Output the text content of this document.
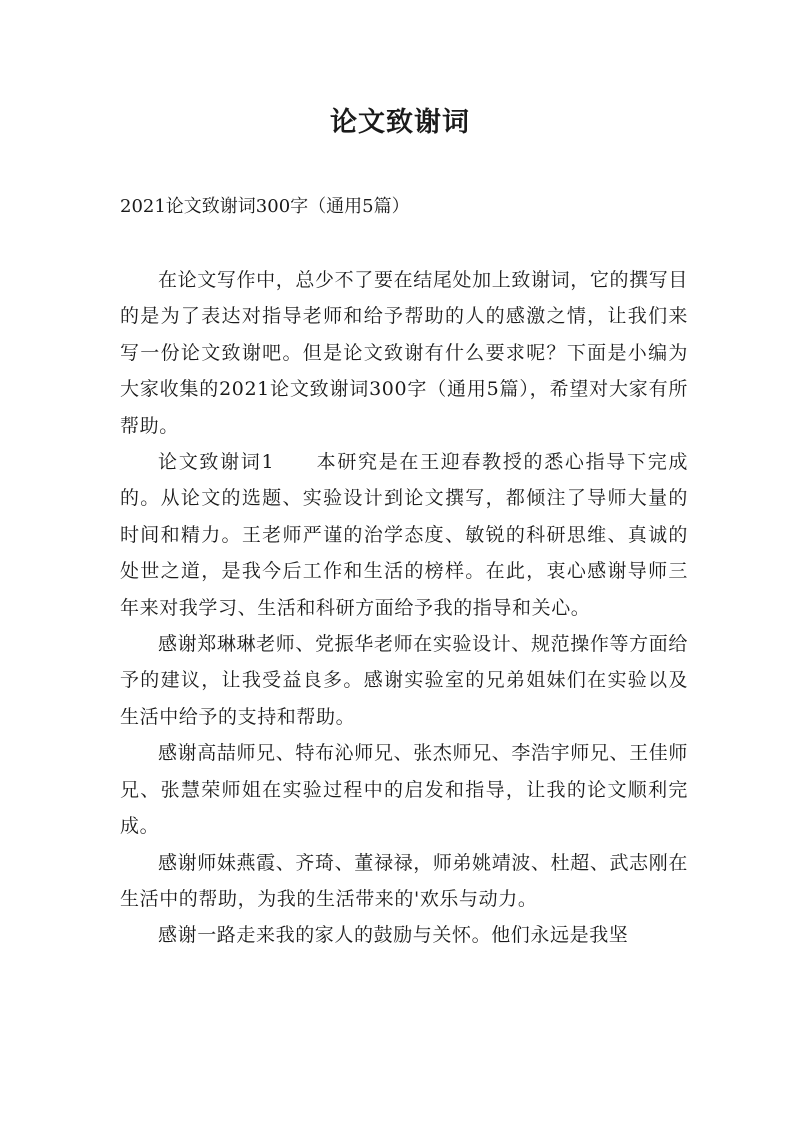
论文致谢词

2021论文致谢词300字（通用5篇）

在论文写作中，总少不了要在结尾处加上致谢词，它的撰写目的是为了表达对指导老师和给予帮助的人的感激之情，让我们来写一份论文致谢吧。但是论文致谢有什么要求呢？下面是小编为大家收集的2021论文致谢词300字（通用5篇），希望对大家有所帮助。

论文致谢词1　　本研究是在王迎春教授的悉心指导下完成的。从论文的选题、实验设计到论文撰写，都倾注了导师大量的时间和精力。王老师严谨的治学态度、敏锐的科研思维、真诚的处世之道，是我今后工作和生活的榜样。在此，衷心感谢导师三年来对我学习、生活和科研方面给予我的指导和关心。

感谢郑琳琳老师、党振华老师在实验设计、规范操作等方面给予的建议，让我受益良多。感谢实验室的兄弟姐妹们在实验以及生活中给予的支持和帮助。

感谢高喆师兄、特布沁师兄、张杰师兄、李浩宇师兄、王佳师兄、张慧荣师姐在实验过程中的启发和指导，让我的论文顺利完成。

感谢师妹燕霞、齐琦、董禄禄，师弟姚靖波、杜超、武志刚在生活中的帮助，为我的生活带来的'欢乐与动力。

感谢一路走来我的家人的鼓励与关怀。他们永远是我坚
